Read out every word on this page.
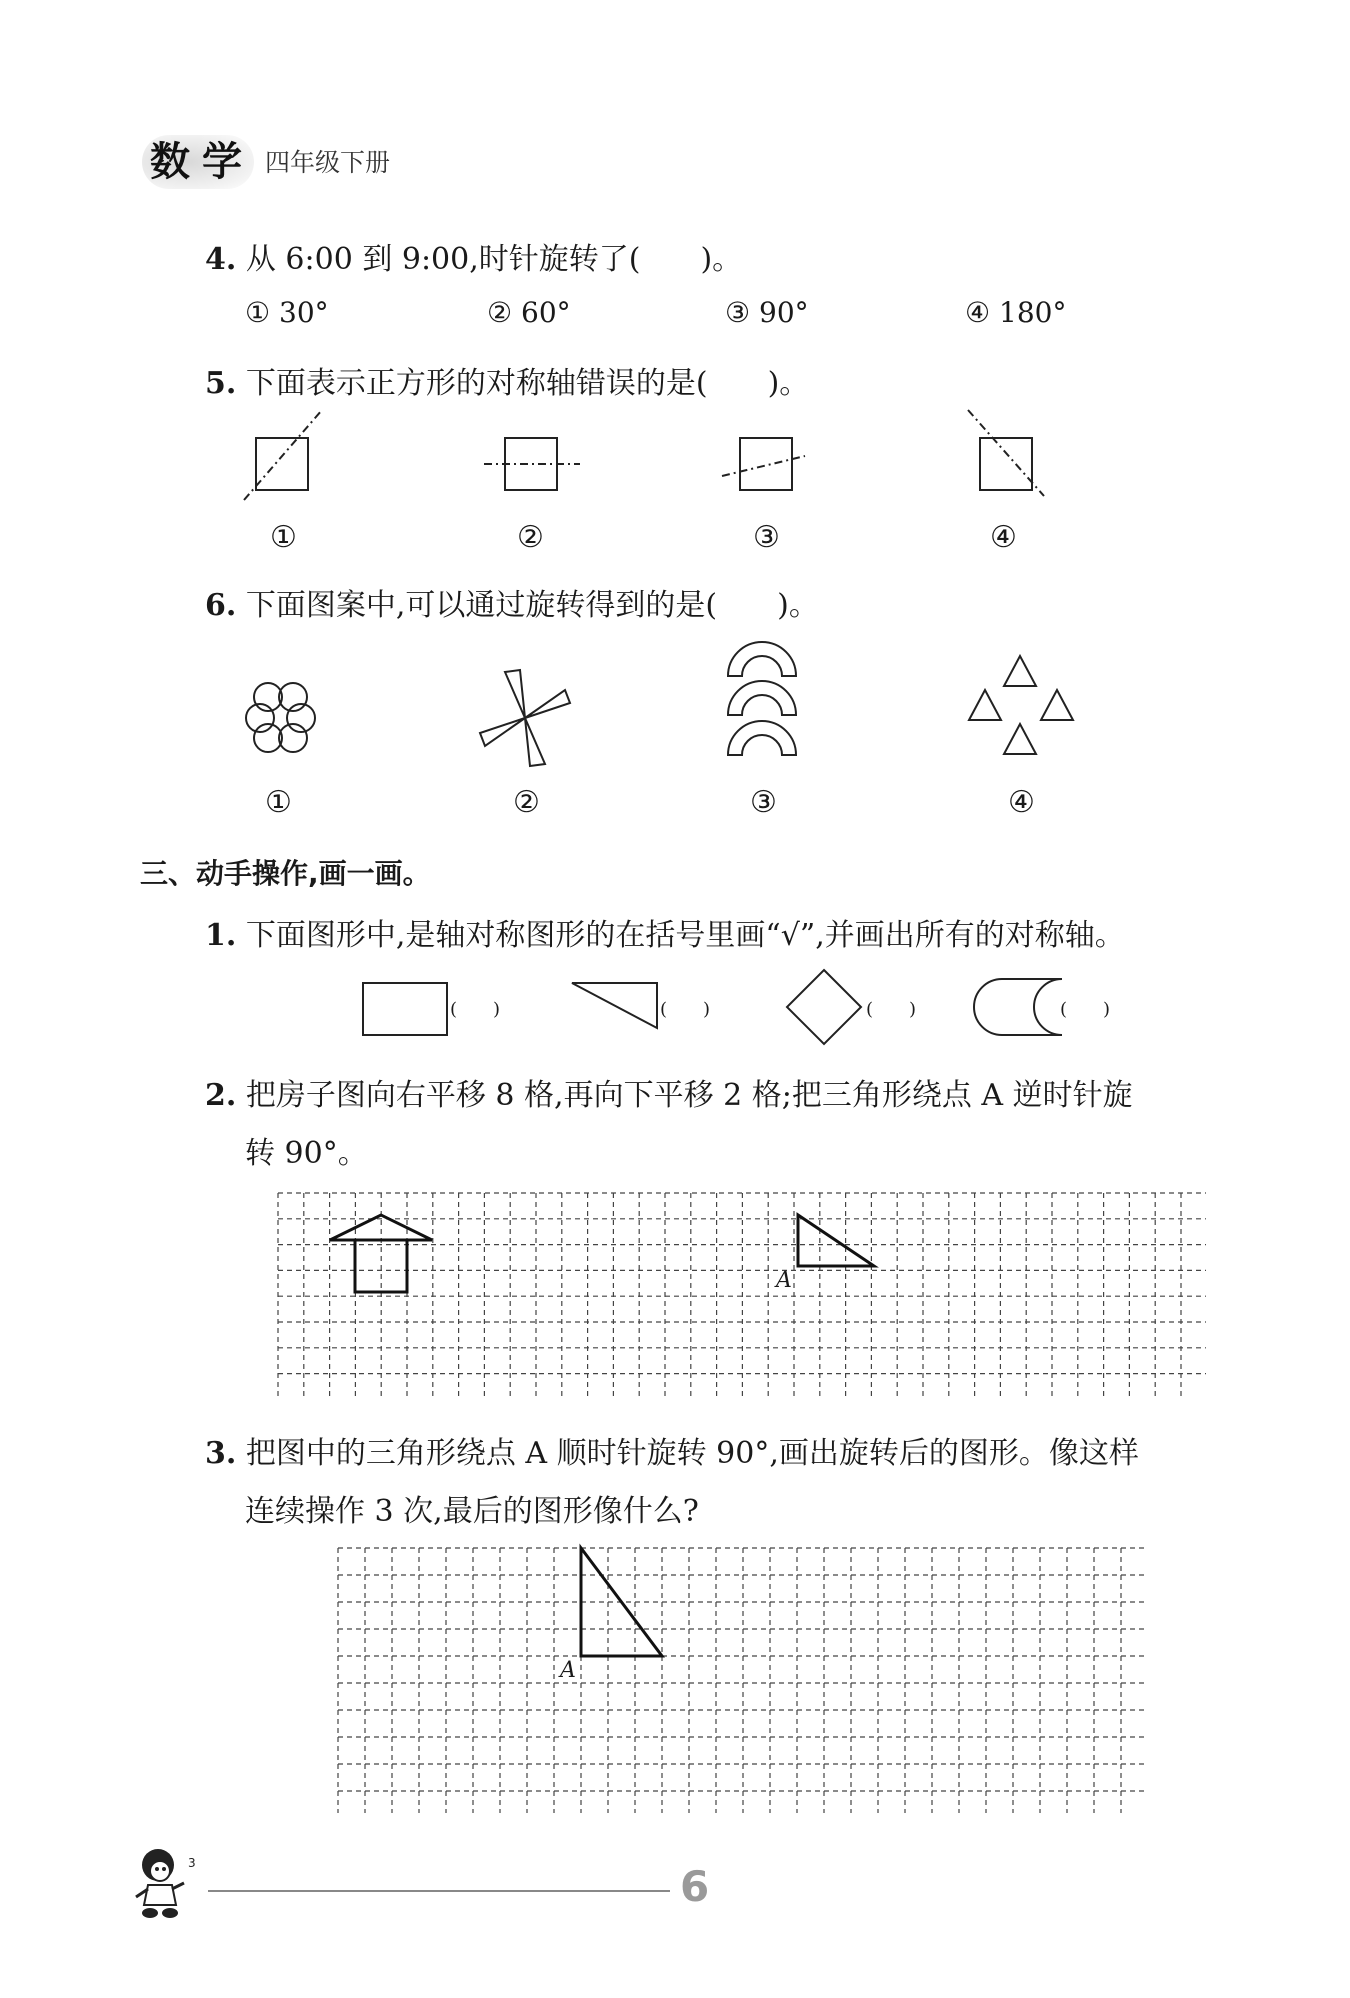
数学 四年级下册
4. 从 6:00 到 9:00,时针旋转了(　　)。
① 30°	② 60°	③ 90°	④ 180°
5. 下面表示正方形的对称轴错误的是(　　)。
①	②	③	④
6. 下面图案中,可以通过旋转得到的是(　　)。
①	②	③	④
三、动手操作,画一画。
1. 下面图形中,是轴对称图形的在括号里画“√”,并画出所有的对称轴。
(　　)	(　　)	(　　)	(　　)
2. 把房子图向右平移 8 格,再向下平移 2 格;把三角形绕点 A 逆时针旋
转 90°。
A
3. 把图中的三角形绕点 A 顺时针旋转 90°,画出旋转后的图形。像这样
连续操作 3 次,最后的图形像什么?
A
3	6
